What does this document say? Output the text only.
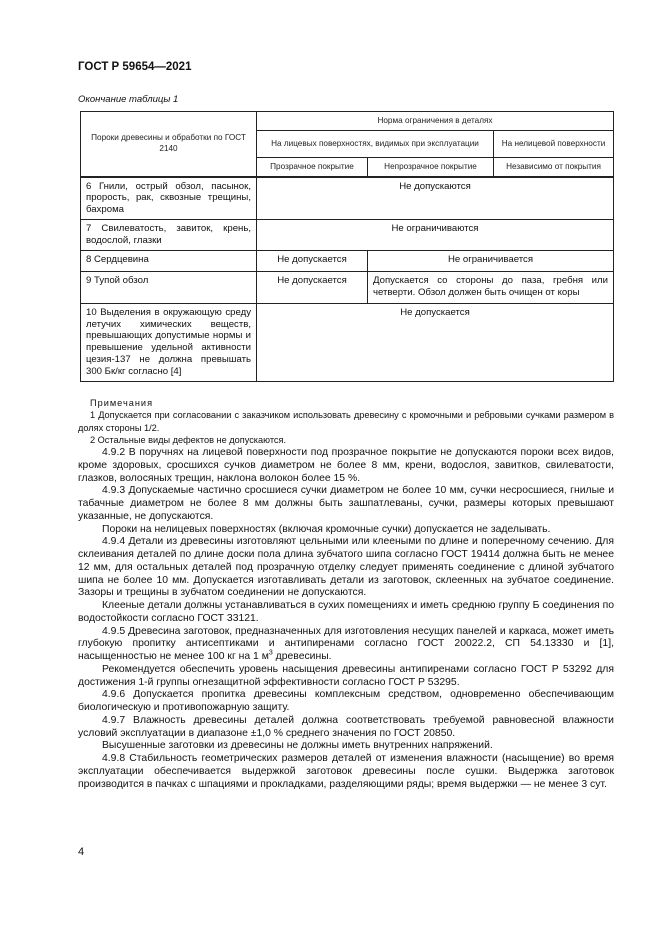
ГОСТ Р 59654—2021
Окончание таблицы 1
Пороки древесины и обработки по ГОСТ 2140	Норма ограничения в деталях		
	На лицевых поверхностях, видимых при эксплуатации		На нелицевой поверхности
	Прозрачное покрытие	Непрозрачное покрытие	Независимо от покрытия
6 Гнили, острый обзол, пасынок, прорость, рак, сквозные трещины, бахрома	Не допускаются		
7 Свилеватость, завиток, крень, водослой, глазки	Не ограничиваются		
8 Сердцевина	Не допускается	Не ограничивается	
9 Тупой обзол	Не допускается	Допускается со стороны до паза, гребня или четверти. Обзол должен быть очищен от коры	
10 Выделения в окружающую среду летучих химических веществ, превышающих допустимые нормы и превышение удельной активности цезия-137 не должна превышать 300 Бк/кг согласно [4]	Не допускается		
Примечания
1 Допускается при согласовании с заказчиком использовать древесину с кромочными и ребровыми сучками размером в долях стороны 1/2.
2 Остальные виды дефектов не допускаются.

4.9.2 В поручнях на лицевой поверхности под прозрачное покрытие не допускаются пороки всех видов, кроме здоровых, сросшихся сучков диаметром не более 8 мм, крени, водослоя, завитков, свилеватости, глазков, волосяных трещин, наклона волокон более 15 %.

4.9.3 Допускаемые частично сросшиеся сучки диаметром не более 10 мм, сучки несросшиеся, гнилые и табачные диаметром не более 8 мм должны быть зашпатлеваны, сучки, размеры которых превышают указанные, не допускаются.

Пороки на нелицевых поверхностях (включая кромочные сучки) допускается не заделывать.

4.9.4 Детали из древесины изготовляют цельными или клееными по длине и поперечному сечению. Для склеивания деталей по длине доски пола длина зубчатого шипа согласно ГОСТ 19414 должна быть не менее 12 мм, для остальных деталей под прозрачную отделку следует применять соединение с длиной зубчатого шипа не более 10 мм. Допускается изготавливать детали из заготовок, склеенных на зубчатое соединение. Зазоры и трещины в зубчатом соединении не допускаются.

Клееные детали должны устанавливаться в сухих помещениях и иметь среднюю группу Б соединения по водостойкости согласно ГОСТ 33121.

4.9.5 Древесина заготовок, предназначенных для изготовления несущих панелей и каркаса, может иметь глубокую пропитку антисептиками и антипиренами согласно ГОСТ 20022.2, СП 54.13330 и [1], насыщенностью не менее 100 кг на 1 $м^3$ древесины.

Рекомендуется обеспечить уровень насыщения древесины антипиренами согласно ГОСТ Р 53292 для достижения 1-й группы огнезащитной эффективности согласно ГОСТ Р 53295.

4.9.6 Допускается пропитка древесины комплексным средством, одновременно обеспечивающим биологическую и противопожарную защиту.

4.9.7 Влажность древесины деталей должна соответствовать требуемой равновесной влажности условий эксплуатации в диапазоне ±1,0 % среднего значения по ГОСТ 20850.

Высушенные заготовки из древесины не должны иметь внутренних напряжений.

4.9.8 Стабильность геометрических размеров деталей от изменения влажности (насыщение) во время эксплуатации обеспечивается выдержкой заготовок древесины после сушки. Выдержка заготовок производится в пачках с шпациями и прокладками, разделяющими ряды; время выдержки — не менее 3 сут.

4
